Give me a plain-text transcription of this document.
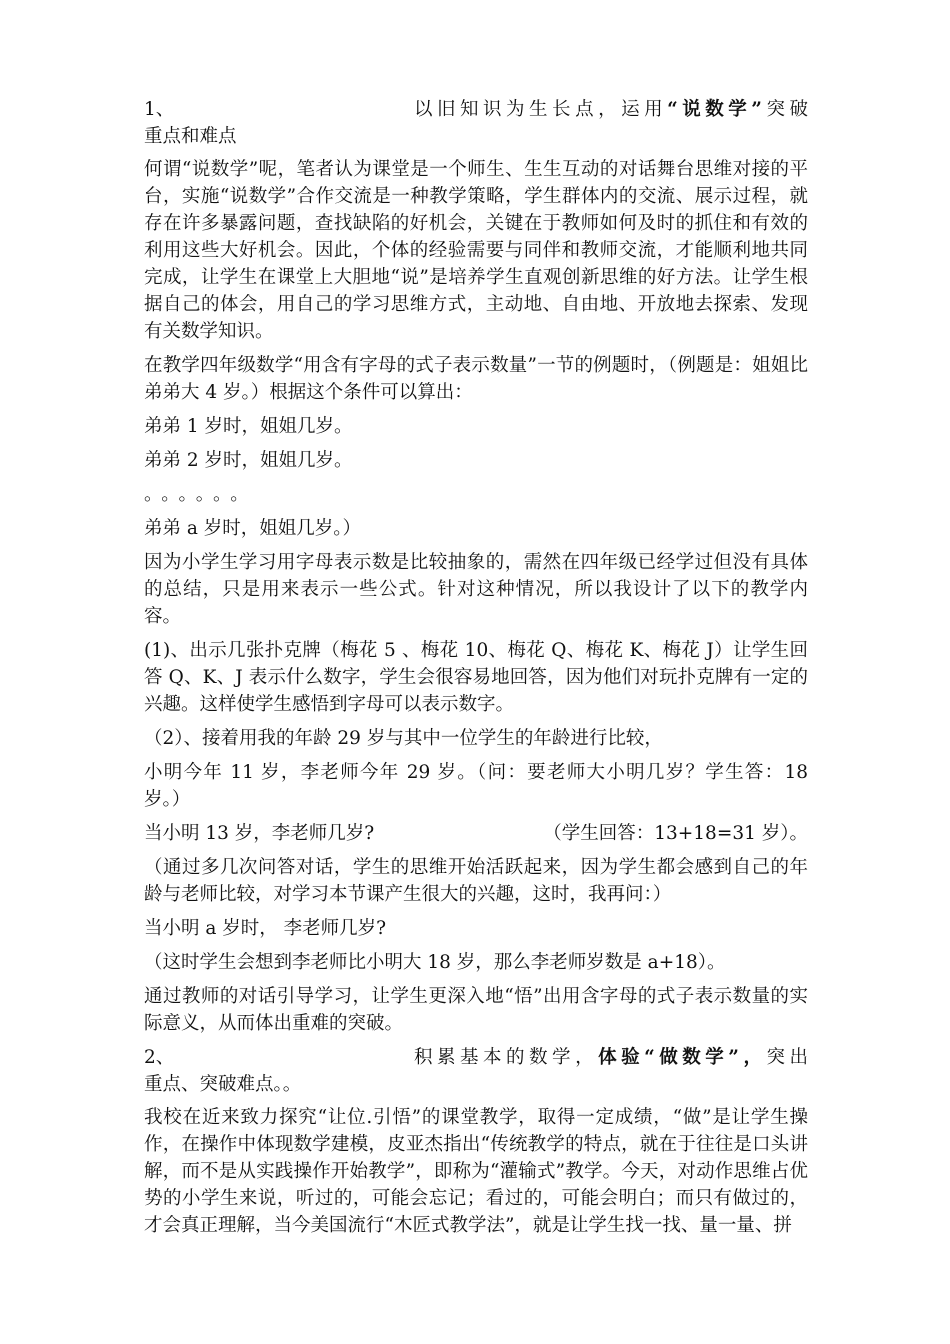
1、	以旧知识为生长点，运用“说数学”突破
重点和难点

何谓“说数学”呢，笔者认为课堂是一个师生、生生互动的对话舞台思维对接的平台，实施“说数学”合作交流是一种教学策略，学生群体内的交流、展示过程，就存在许多暴露问题，查找缺陷的好机会，关键在于教师如何及时的抓住和有效的利用这些大好机会。因此，个体的经验需要与同伴和教师交流，才能顺利地共同完成，让学生在课堂上大胆地“说”是培养学生直观创新思维的好方法。让学生根据自己的体会，用自己的学习思维方式，主动地、自由地、开放地去探索、发现有关数学知识。

在教学四年级数学“用含有字母的式子表示数量”一节的例题时，（例题是：姐姐比弟弟大 4 岁。）根据这个条件可以算出：

弟弟 1 岁时，姐姐几岁。

弟弟 2 岁时，姐姐几岁。

。。。。。。

弟弟 a 岁时，姐姐几岁。）

因为小学生学习用字母表示数是比较抽象的，需然在四年级已经学过但没有具体的总结，只是用来表示一些公式。针对这种情况，所以我设计了以下的教学内容。

(1)、出示几张扑克牌（梅花 5 、梅花 10、梅花 Q、梅花 K、梅花 J）让学生回答 Q、K、J 表示什么数字，学生会很容易地回答，因为他们对玩扑克牌有一定的兴趣。这样使学生感悟到字母可以表示数字。

（2）、接着用我的年龄 29 岁与其中一位学生的年龄进行比较，

小明今年 11 岁，李老师今年 29 岁。（问：要老师大小明几岁？学生答：18 岁。）

当小明 13 岁，李老师几岁?	（学生回答：13+18=31 岁）。

（通过多几次问答对话，学生的思维开始活跃起来，因为学生都会感到自己的年龄与老师比较，对学习本节课产生很大的兴趣，这时，我再问：）

当小明 a 岁时， 李老师几岁?

（这时学生会想到李老师比小明大 18 岁，那么李老师岁数是 a+18）。

通过教师的对话引导学习，让学生更深入地“悟”出用含字母的式子表示数量的实际意义，从而体出重难的突破。

2、	积累基本的数学，体验“做数学”，突出
重点、突破难点。。

我校在近来致力探究“让位.引悟”的课堂教学，取得一定成绩，“做”是让学生操作，在操作中体现数学建模，皮亚杰指出“传统教学的特点，就在于往往是口头讲解，而不是从实践操作开始教学”，即称为“灌输式”教学。今天，对动作思维占优势的小学生来说，听过的，可能会忘记；看过的，可能会明白；而只有做过的，才会真正理解，当今美国流行“木匠式教学法”，就是让学生找一找、量一量、拼
